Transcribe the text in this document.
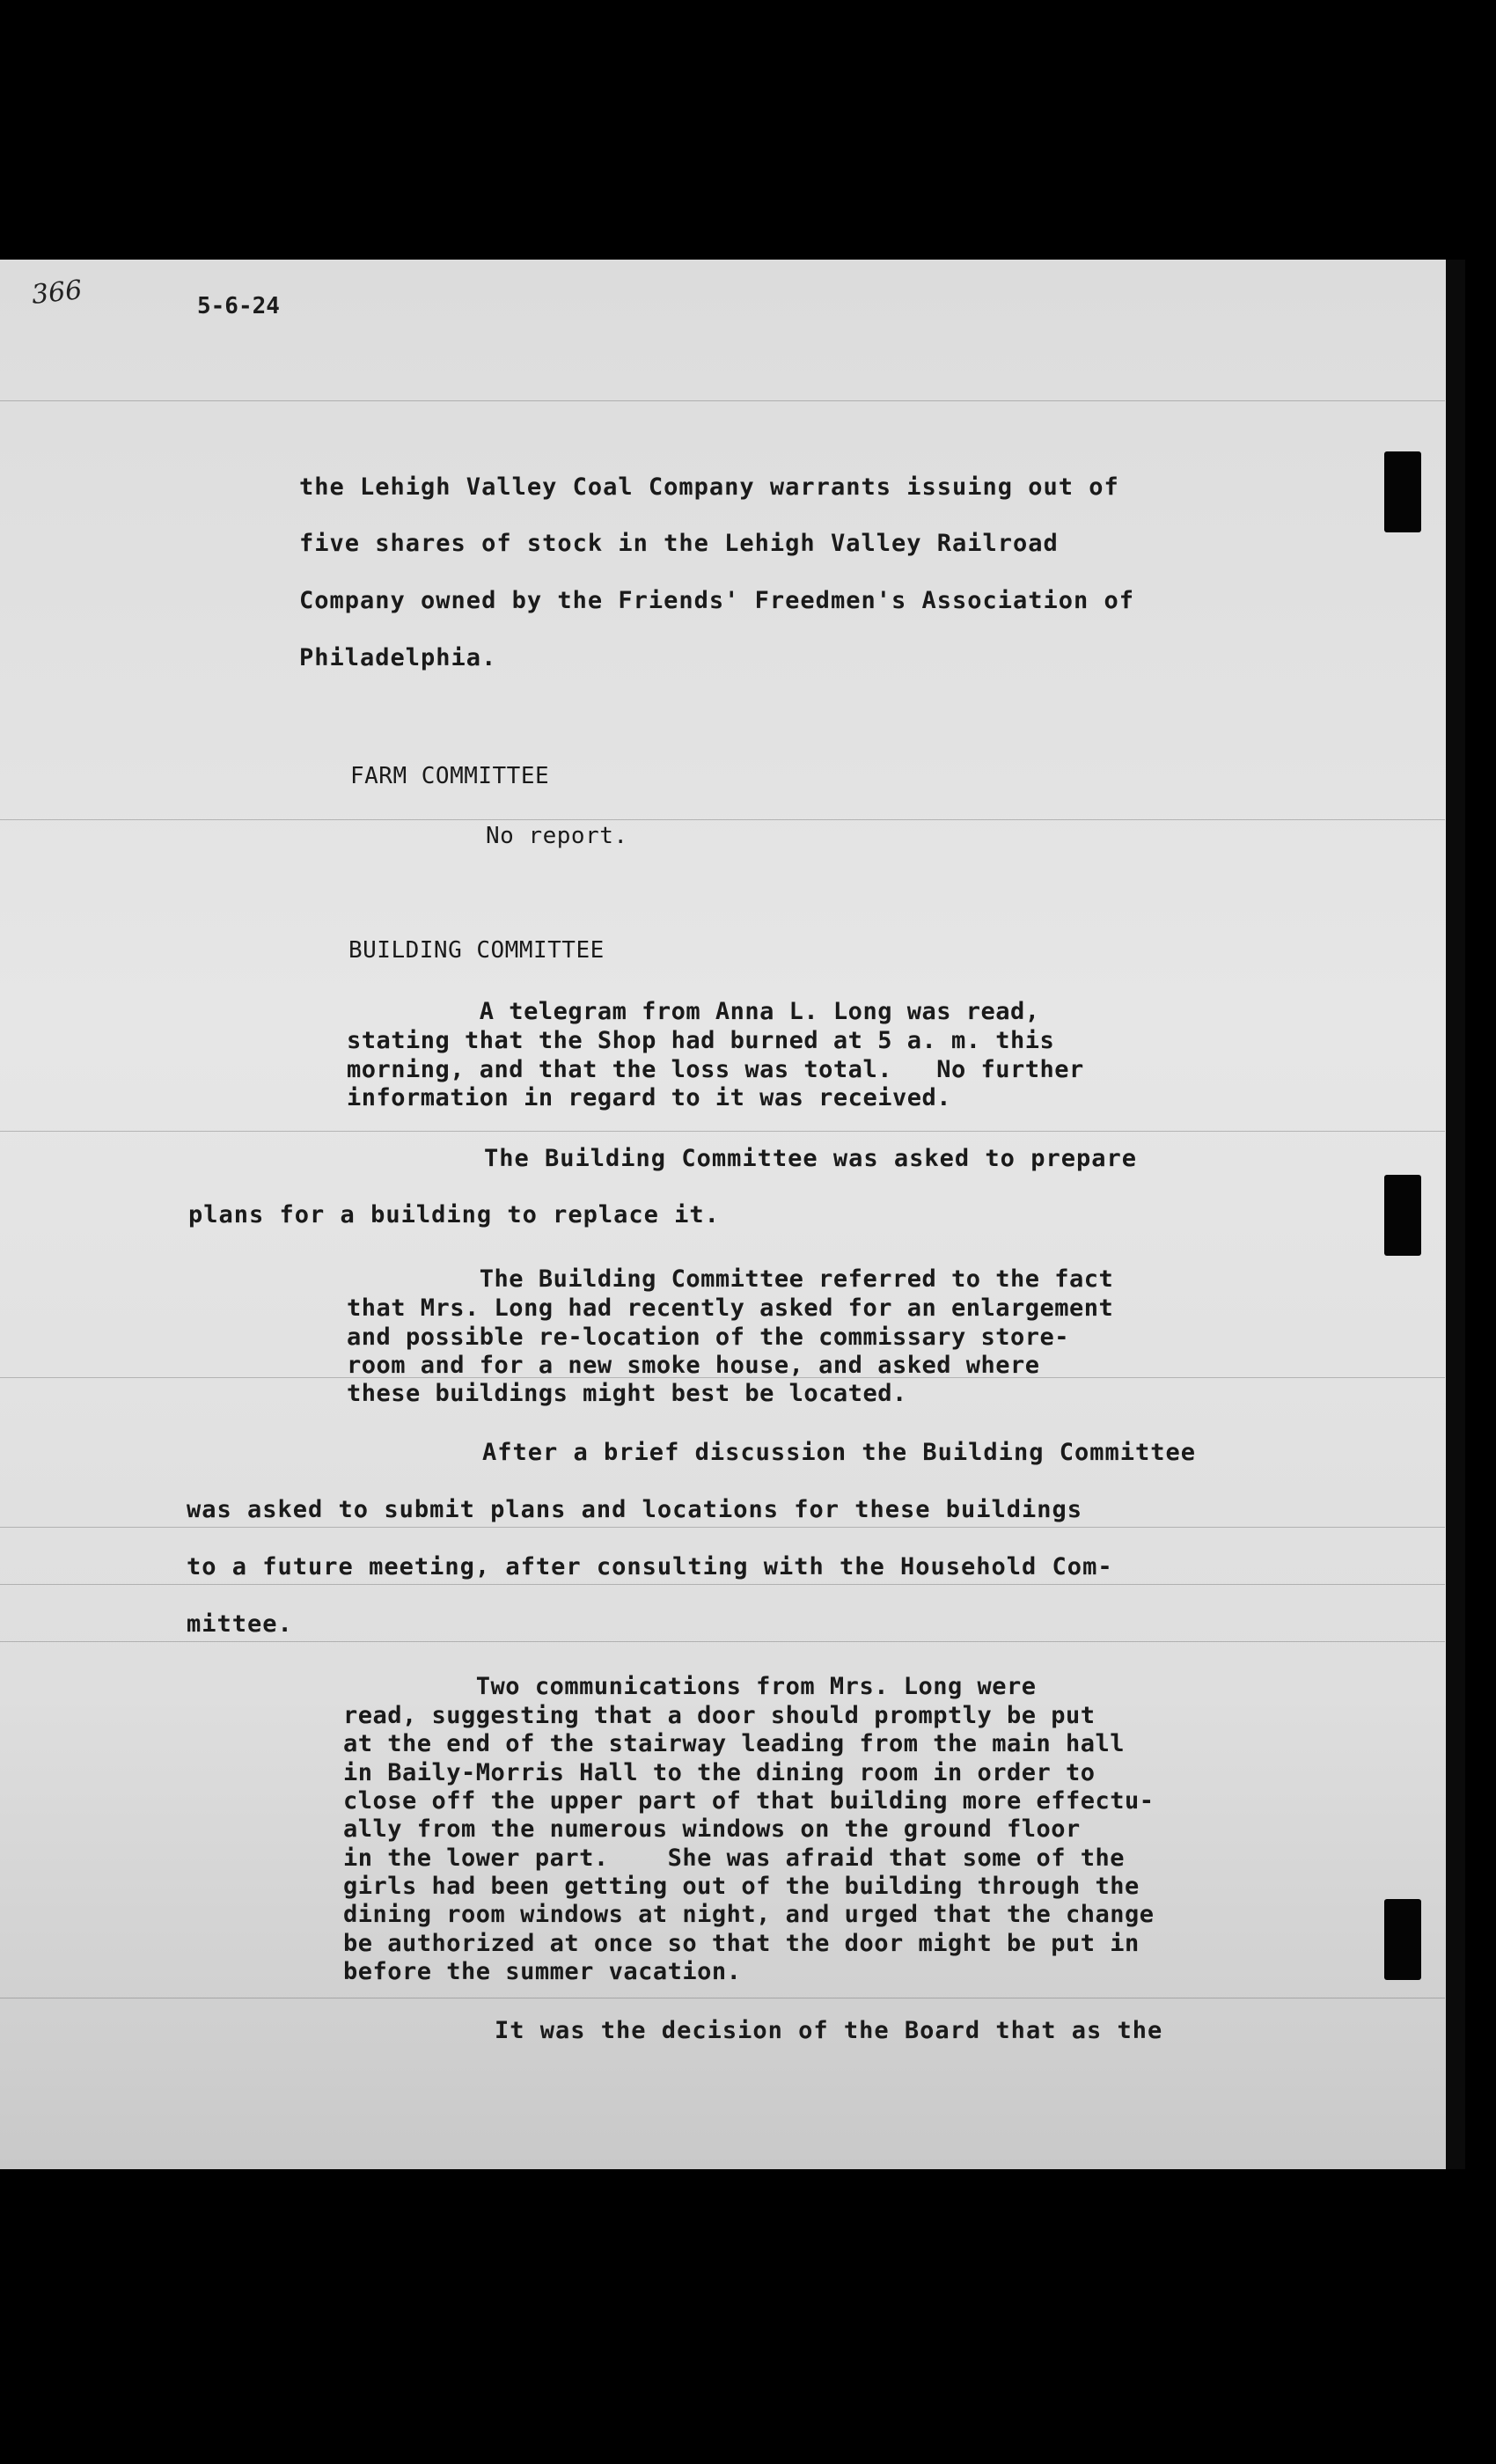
366	5-6-24
the Lehigh Valley Coal Company warrants issuing out of
five shares of stock in the Lehigh Valley Railroad
Company owned by the Friends' Freedmen's Association of
Philadelphia.
FARM COMMITTEE
No report.
BUILDING COMMITTEE
A telegram from Anna L. Long was read,
stating that the Shop had burned at 5 a. m. this
morning, and that the loss was total.   No further
information in regard to it was received.
The Building Committee was asked to prepare
plans for a building to replace it.
The Building Committee referred to the fact
that Mrs. Long had recently asked for an enlargement
and possible re-location of the commissary store-
room and for a new smoke house, and asked where
these buildings might best be located.
After a brief discussion the Building Committee
was asked to submit plans and locations for these buildings
to a future meeting, after consulting with the Household Com-
mittee.
Two communications from Mrs. Long were
read, suggesting that a door should promptly be put
at the end of the stairway leading from the main hall
in Baily-Morris Hall to the dining room in order to
close off the upper part of that building more effectu-
ally from the numerous windows on the ground floor
in the lower part.    She was afraid that some of the
girls had been getting out of the building through the
dining room windows at night, and urged that the change
be authorized at once so that the door might be put in
before the summer vacation.
It was the decision of the Board that as the
